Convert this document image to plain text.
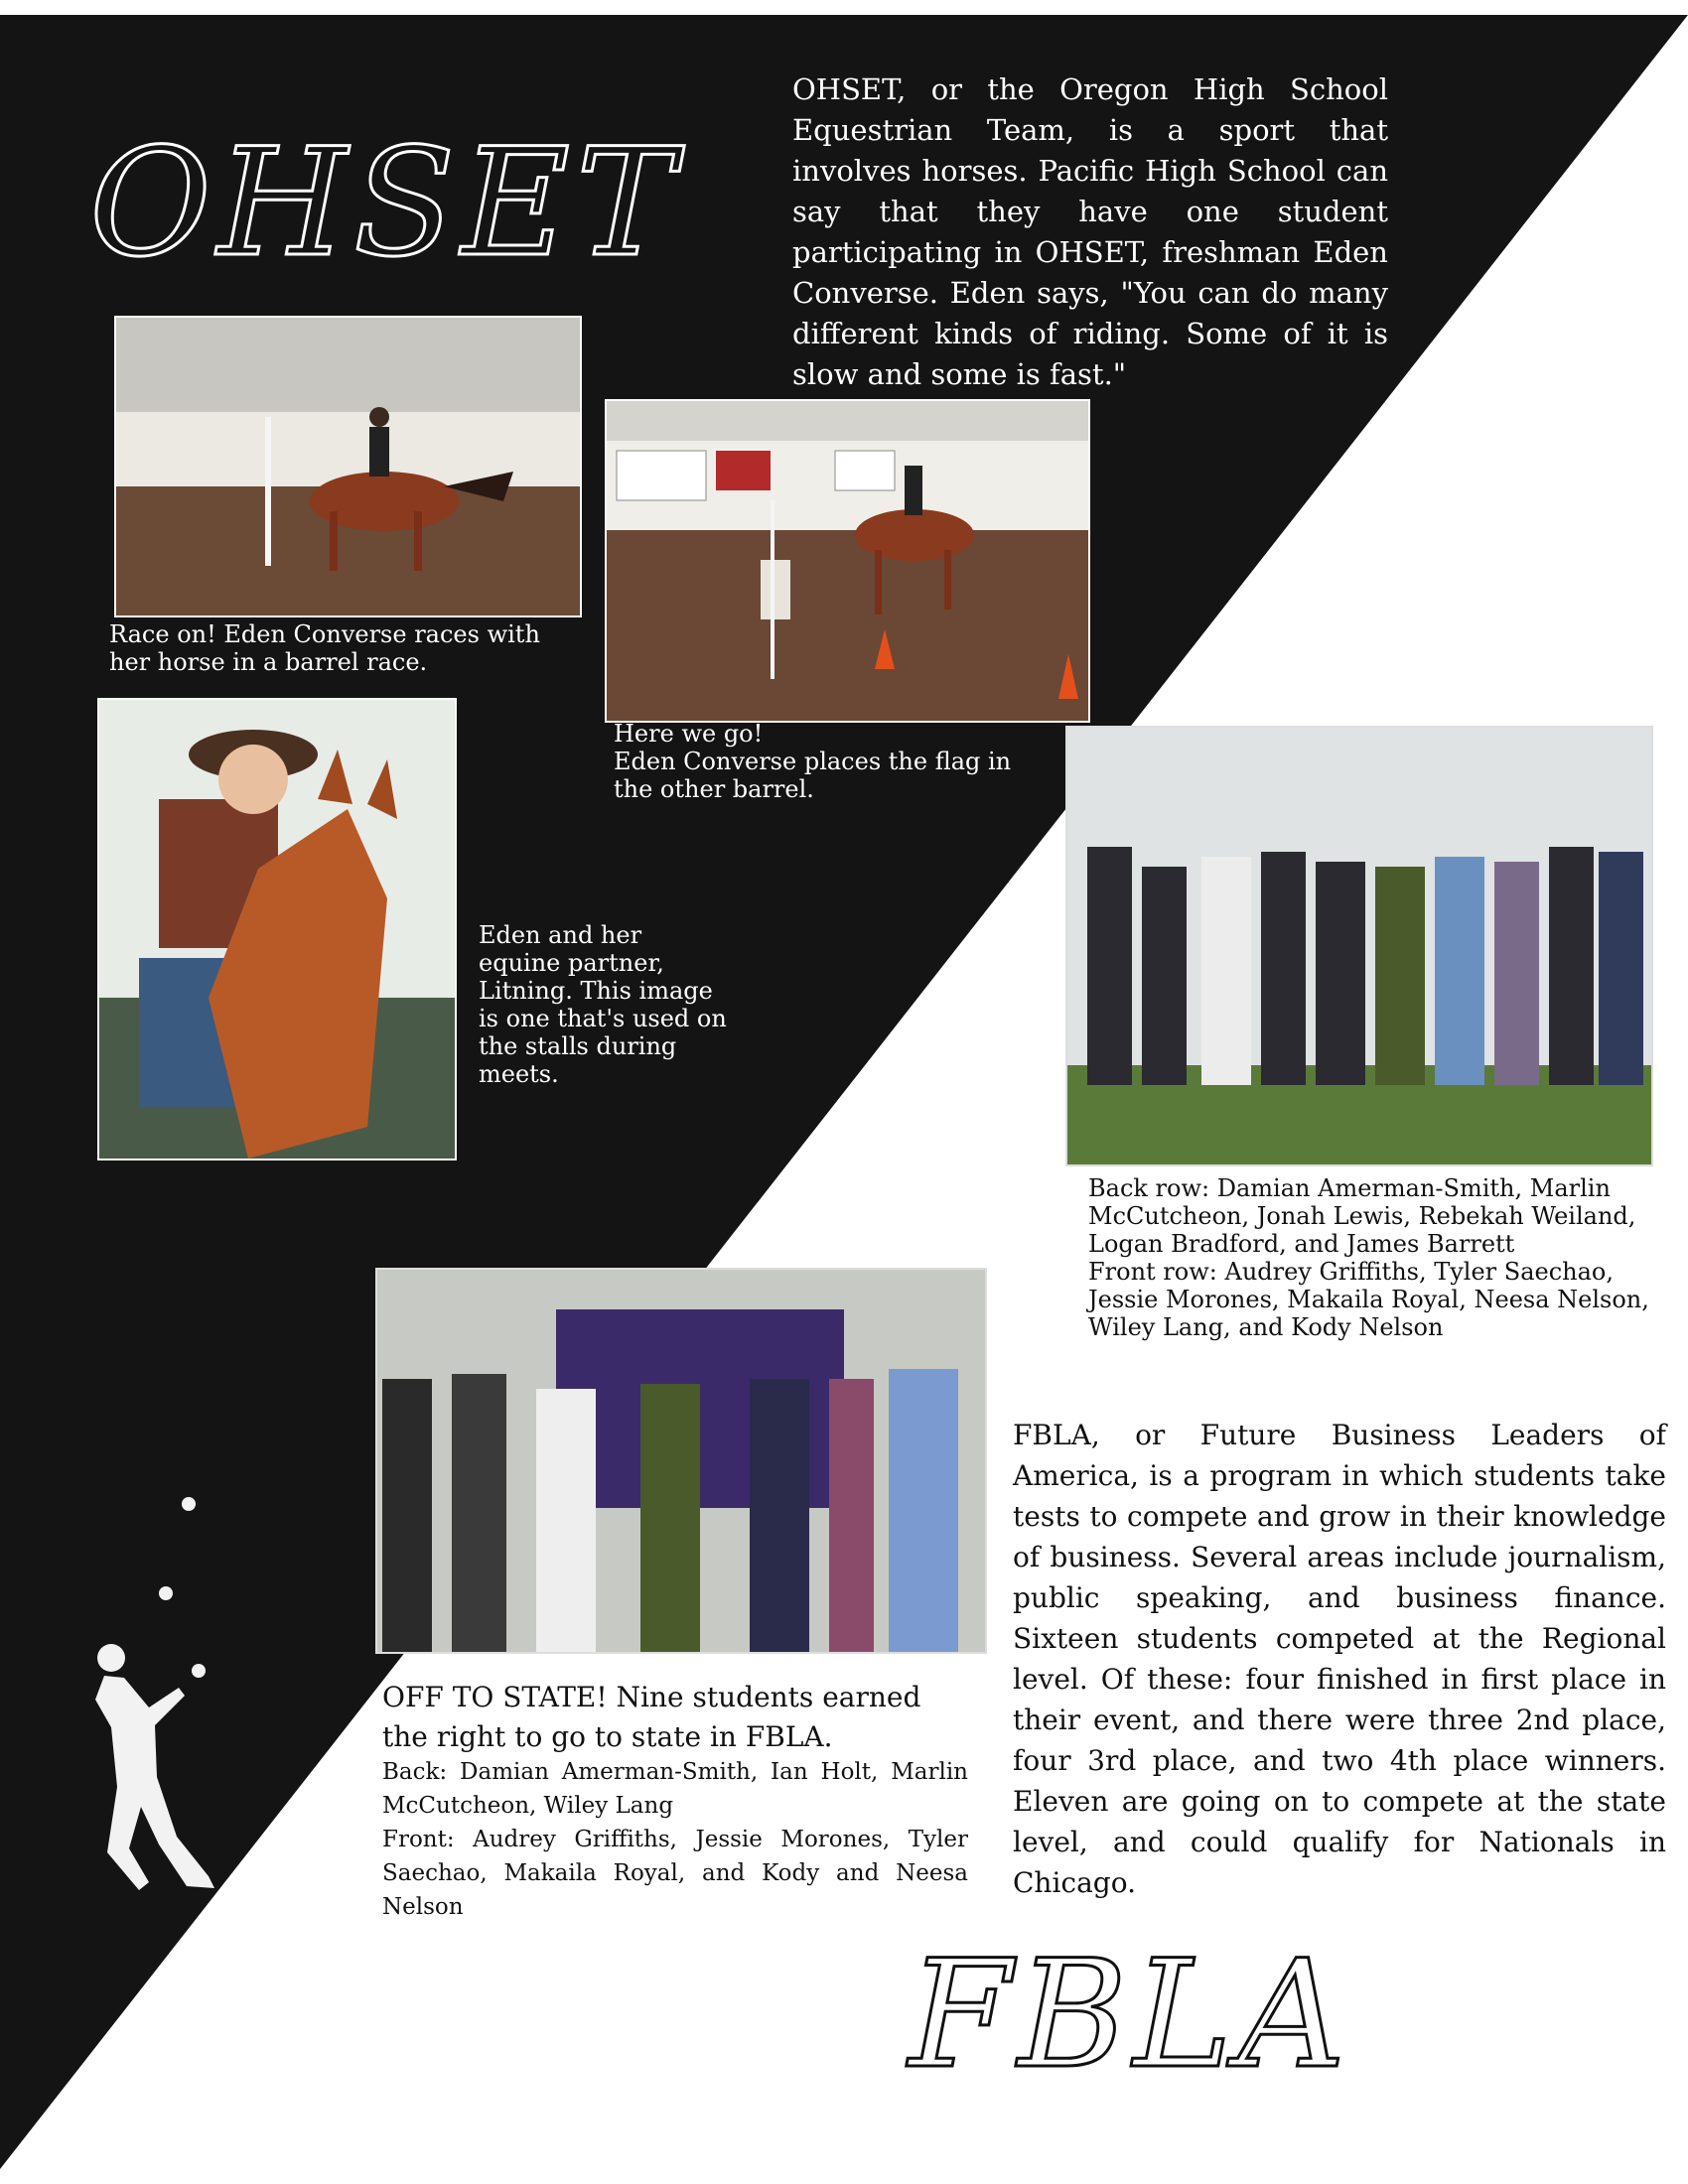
OHSET
OHSET, or the Oregon High School Equestrian Team, is a sport that involves horses. Pacific High School can say that they have one student participating in OHSET, freshman Eden Converse. Eden says, "You can do many different kinds of riding. Some of it is slow and some is fast."
Race on! Eden Converse races with her horse in a barrel race.
Here we go!
Eden Converse places the flag in the other barrel.
Eden and her equine partner, Litning. This image is one that's used on the stalls during meets.
Back row: Damian Amerman-Smith, Marlin McCutcheon, Jonah Lewis, Rebekah Weiland, Logan Bradford, and James Barrett
Front row: Audrey Griffiths, Tyler Saechao, Jessie Morones, Makaila Royal, Neesa Nelson, Wiley Lang, and Kody Nelson
OFF TO STATE! Nine students earned the right to go to state in FBLA.
Back: Damian Amerman-Smith, Ian Holt, Marlin McCutcheon, Wiley Lang
Front: Audrey Griffiths, Jessie Morones, Tyler Saechao, Makaila Royal, and Kody and Neesa Nelson
FBLA, or Future Business Leaders of America, is a program in which students take tests to compete and grow in their knowledge of business. Several areas include journalism, public speaking, and business finance. Sixteen students competed at the Regional level. Of these: four finished in first place in their event, and there were three 2nd place, four 3rd place, and two 4th place winners. Eleven are going on to compete at the state level, and could qualify for Nationals in Chicago.
FBLA
48 OHSET & FBLA
